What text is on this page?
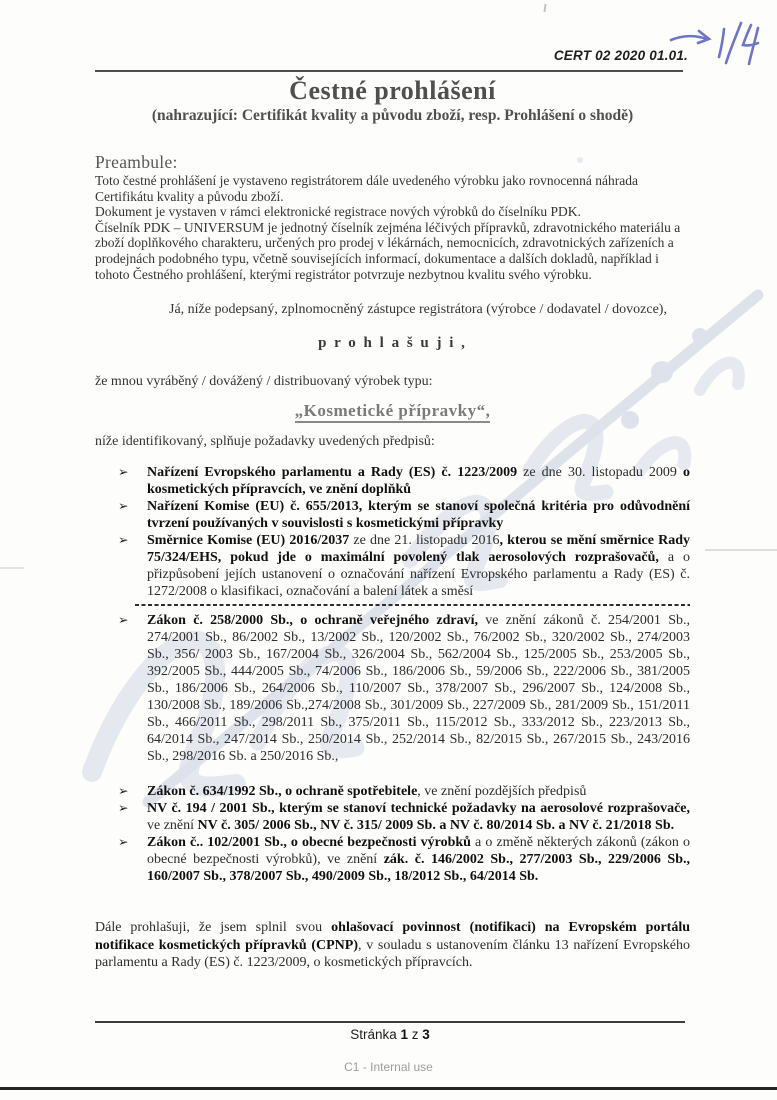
CERT 02 2020 01.01.
Čestné prohlášení
(nahrazující: Certifikát kvality a původu zboží, resp. Prohlášení o shodě)
Preambule:

Toto čestné prohlášení je vystaveno registrátorem dále uvedeného výrobku jako rovnocenná náhrada Certifikátu kvality a původu zboží.

Dokument je vystaven v rámci elektronické registrace nových výrobků do číselníku PDK.

Číselník PDK – UNIVERSUM je jednotný číselník zejména léčivých přípravků, zdravotnického materiálu a zboží doplňkového charakteru, určených pro prodej v lékárnách, nemocnicích, zdravotnických zařízeních a prodejnách podobného typu, včetně souvisejících informací, dokumentace a dalších dokladů, například i tohoto Čestného prohlášení, kterými registrátor potvrzuje nezbytnou kvalitu svého výrobku.

Já, níže podepsaný, zplnomocněný zástupce registrátora (výrobce / dodavatel / dovozce),
p r o h l a š u j i ,
že mnou vyráběný / dovážený / distribuovaný výrobek typu:
„Kosmetické přípravky“,
níže identifikovaný, splňuje požadavky uvedených předpisů:
➢ Nařízení Evropského parlamentu a Rady (ES) č. 1223/2009 ze dne 30. listopadu 2009 o kosmetických přípravcích, ve znění doplňků
➢ Nařízení Komise (EU) č. 655/2013, kterým se stanoví společná kritéria pro odůvodnění tvrzení používaných v souvislosti s kosmetickými přípravky
➢ Směrnice Komise (EU) 2016/2037 ze dne 21. listopadu 2016, kterou se mění směrnice Rady 75/324/EHS, pokud jde o maximální povolený tlak aerosolových rozprašovačů, a o přizpůsobení jejích ustanovení o označování nařízení Evropského parlamentu a Rady (ES) č. 1272/2008 o klasifikaci, označování a balení látek a směsí
➢ Zákon č. 258/2000 Sb., o ochraně veřejného zdraví, ve znění zákonů č. 254/2001 Sb., 274/2001 Sb., 86/2002 Sb., 13/2002 Sb., 120/2002 Sb., 76/2002 Sb., 320/2002 Sb., 274/2003 Sb., 356/ 2003 Sb., 167/2004 Sb., 326/2004 Sb., 562/2004 Sb., 125/2005 Sb., 253/2005 Sb., 392/2005 Sb., 444/2005 Sb., 74/2006 Sb., 186/2006 Sb., 59/2006 Sb., 222/2006 Sb., 381/2005 Sb., 186/2006 Sb., 264/2006 Sb., 110/2007 Sb., 378/2007 Sb., 296/2007 Sb., 124/2008 Sb., 130/2008 Sb., 189/2006 Sb.,274/2008 Sb., 301/2009 Sb., 227/2009 Sb., 281/2009 Sb., 151/2011 Sb., 466/2011 Sb., 298/2011 Sb., 375/2011 Sb., 115/2012 Sb., 333/2012 Sb., 223/2013 Sb., 64/2014 Sb., 247/2014 Sb., 250/2014 Sb., 252/2014 Sb., 82/2015 Sb., 267/2015 Sb., 243/2016 Sb., 298/2016 Sb. a 250/2016 Sb.,
➢ Zákon č. 634/1992 Sb., o ochraně spotřebitele, ve znění pozdějších předpisů
➢ NV č. 194 / 2001 Sb., kterým se stanoví technické požadavky na aerosolové rozprašovače, ve znění NV č. 305/ 2006 Sb., NV č. 315/ 2009 Sb. a NV č. 80/2014 Sb. a NV č. 21/2018 Sb.
➢ Zákon č.. 102/2001 Sb., o obecné bezpečnosti výrobků a o změně některých zákonů (zákon o obecné bezpečnosti výrobků), ve znění zák. č. 146/2002 Sb., 277/2003 Sb., 229/2006 Sb., 160/2007 Sb., 378/2007 Sb., 490/2009 Sb., 18/2012 Sb., 64/2014 Sb.
Dále prohlašuji, že jsem splnil svou ohlašovací povinnost (notifikaci) na Evropském portálu notifikace kosmetických přípravků (CPNP), v souladu s ustanovením článku 13 nařízení Evropského parlamentu a Rady (ES) č. 1223/2009, o kosmetických přípravcích.
Stránka 1 z 3
C1 - Internal use
